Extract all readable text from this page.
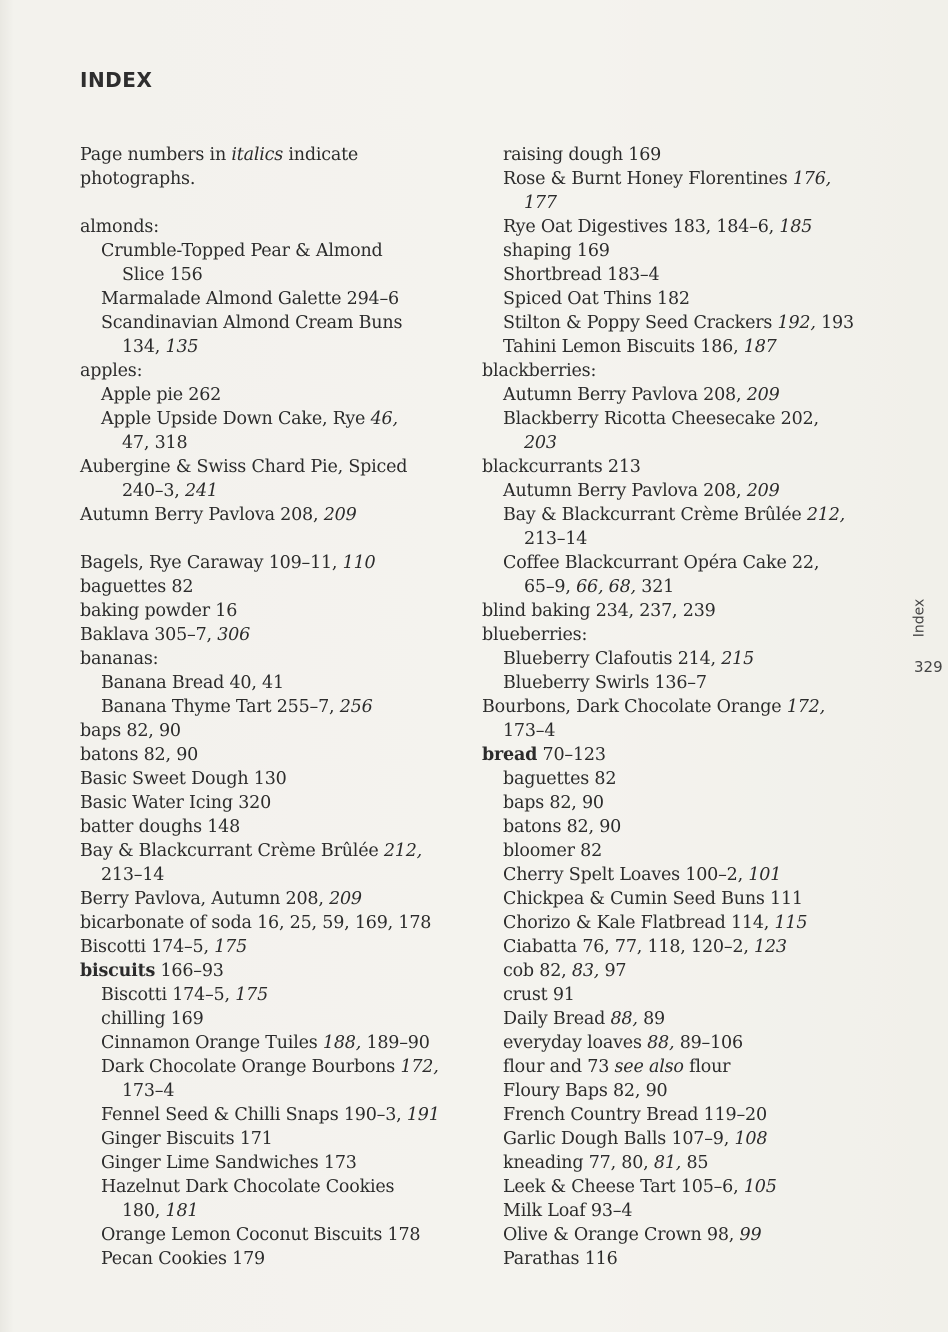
INDEX
Page numbers in italics indicate
photographs.
almonds:
Crumble-Topped Pear & Almond
Slice 156
Marmalade Almond Galette 294–6
Scandinavian Almond Cream Buns
134, 135
apples:
Apple pie 262
Apple Upside Down Cake, Rye 46,
47, 318
Aubergine & Swiss Chard Pie, Spiced
240–3, 241
Autumn Berry Pavlova 208, 209
Bagels, Rye Caraway 109–11, 110
baguettes 82
baking powder 16
Baklava 305–7, 306
bananas:
Banana Bread 40, 41
Banana Thyme Tart 255–7, 256
baps 82, 90
batons 82, 90
Basic Sweet Dough 130
Basic Water Icing 320
batter doughs 148
Bay & Blackcurrant Crème Brûlée 212,
213–14
Berry Pavlova, Autumn 208, 209
bicarbonate of soda 16, 25, 59, 169, 178
Biscotti 174–5, 175
biscuits 166–93
Biscotti 174–5, 175
chilling 169
Cinnamon Orange Tuiles 188, 189–90
Dark Chocolate Orange Bourbons 172,
173–4
Fennel Seed & Chilli Snaps 190–3, 191
Ginger Biscuits 171
Ginger Lime Sandwiches 173
Hazelnut Dark Chocolate Cookies
180, 181
Orange Lemon Coconut Biscuits 178
Pecan Cookies 179
raising dough 169
Rose & Burnt Honey Florentines 176,
177
Rye Oat Digestives 183, 184–6, 185
shaping 169
Shortbread 183–4
Spiced Oat Thins 182
Stilton & Poppy Seed Crackers 192, 193
Tahini Lemon Biscuits 186, 187
blackberries:
Autumn Berry Pavlova 208, 209
Blackberry Ricotta Cheesecake 202,
203
blackcurrants 213
Autumn Berry Pavlova 208, 209
Bay & Blackcurrant Crème Brûlée 212,
213–14
Coffee Blackcurrant Opéra Cake 22,
65–9, 66, 68, 321
blind baking 234, 237, 239
blueberries:
Blueberry Clafoutis 214, 215
Blueberry Swirls 136–7
Bourbons, Dark Chocolate Orange 172,
173–4
bread 70–123
baguettes 82
baps 82, 90
batons 82, 90
bloomer 82
Cherry Spelt Loaves 100–2, 101
Chickpea & Cumin Seed Buns 111
Chorizo & Kale Flatbread 114, 115
Ciabatta 76, 77, 118, 120–2, 123
cob 82, 83, 97
crust 91
Daily Bread 88, 89
everyday loaves 88, 89–106
flour and 73 see also flour
Floury Baps 82, 90
French Country Bread 119–20
Garlic Dough Balls 107–9, 108
kneading 77, 80, 81, 85
Leek & Cheese Tart 105–6, 105
Milk Loaf 93–4
Olive & Orange Crown 98, 99
Parathas 116
Index
329
